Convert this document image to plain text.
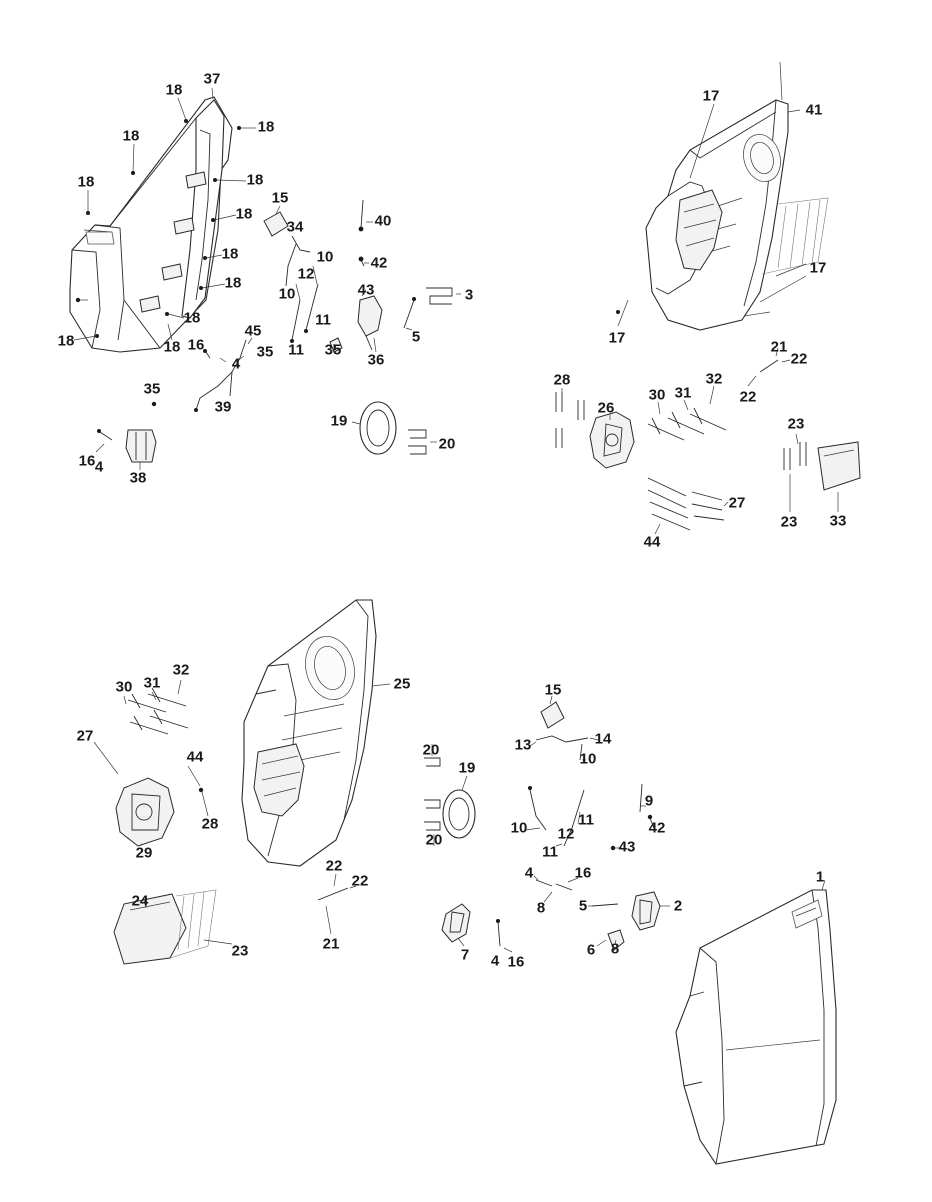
18
37
18
18
18
18
18
15
40
34
18	10 42
12
18
10	43	3
18	11
45	5
36
18	18 16	35 11
4
35
35
39
19
20
16 4
38
17
41
17
17
21
22
28	32
30 31	22
26
23
27
23 33
44
32
30 31	25	15
27
44
14
13
20
10
19
9
28	10 12
11	42
20
11	43
29
4	16
22
22
24	8 5	2
1
21
23	7 4 16
6 8
